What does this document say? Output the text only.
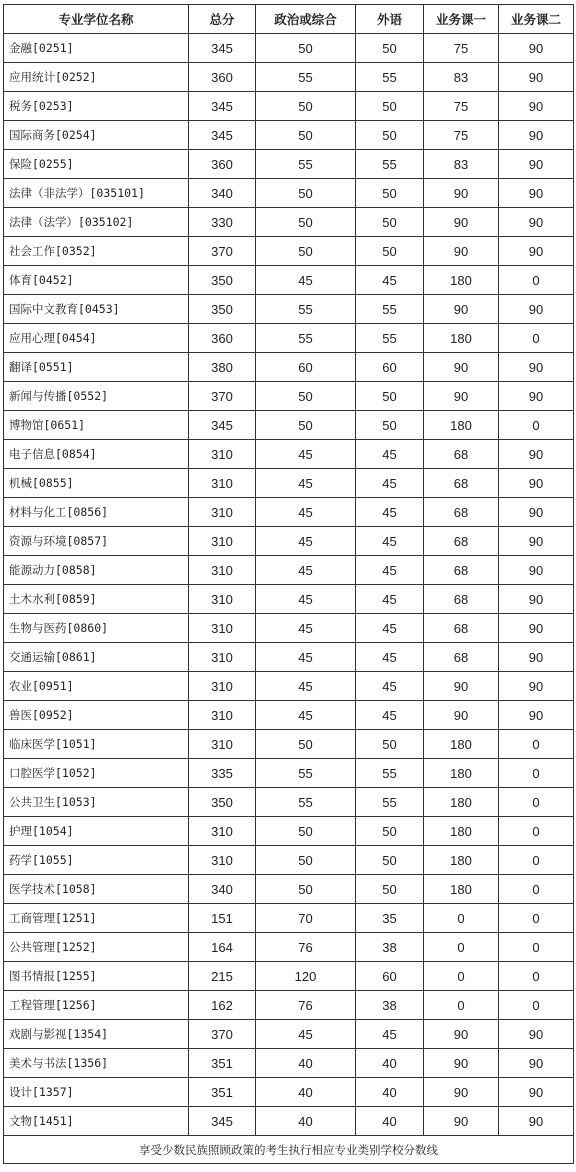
专业学位名称	总分	政治或综合	外语	业务课一	业务课二
金融[0251]	345	50	50	75	90
应用统计[0252]	360	55	55	83	90
税务[0253]	345	50	50	75	90
国际商务[0254]	345	50	50	75	90
保险[0255]	360	55	55	83	90
法律（非法学）[035101]	340	50	50	90	90
法律（法学）[035102]	330	50	50	90	90
社会工作[0352]	370	50	50	90	90
体育[0452]	350	45	45	180	0
国际中文教育[0453]	350	55	55	90	90
应用心理[0454]	360	55	55	180	0
翻译[0551]	380	60	60	90	90
新闻与传播[0552]	370	50	50	90	90
博物馆[0651]	345	50	50	180	0
电子信息[0854]	310	45	45	68	90
机械[0855]	310	45	45	68	90
材料与化工[0856]	310	45	45	68	90
资源与环境[0857]	310	45	45	68	90
能源动力[0858]	310	45	45	68	90
土木水利[0859]	310	45	45	68	90
生物与医药[0860]	310	45	45	68	90
交通运输[0861]	310	45	45	68	90
农业[0951]	310	45	45	90	90
兽医[0952]	310	45	45	90	90
临床医学[1051]	310	50	50	180	0
口腔医学[1052]	335	55	55	180	0
公共卫生[1053]	350	55	55	180	0
护理[1054]	310	50	50	180	0
药学[1055]	310	50	50	180	0
医学技术[1058]	340	50	50	180	0
工商管理[1251]	151	70	35	0	0
公共管理[1252]	164	76	38	0	0
图书情报[1255]	215	120	60	0	0
工程管理[1256]	162	76	38	0	0
戏剧与影视[1354]	370	45	45	90	90
美术与书法[1356]	351	40	40	90	90
设计[1357]	351	40	40	90	90
文物[1451]	345	40	40	90	90
享受少数民族照顾政策的考生执行相应专业类别学校分数线					
